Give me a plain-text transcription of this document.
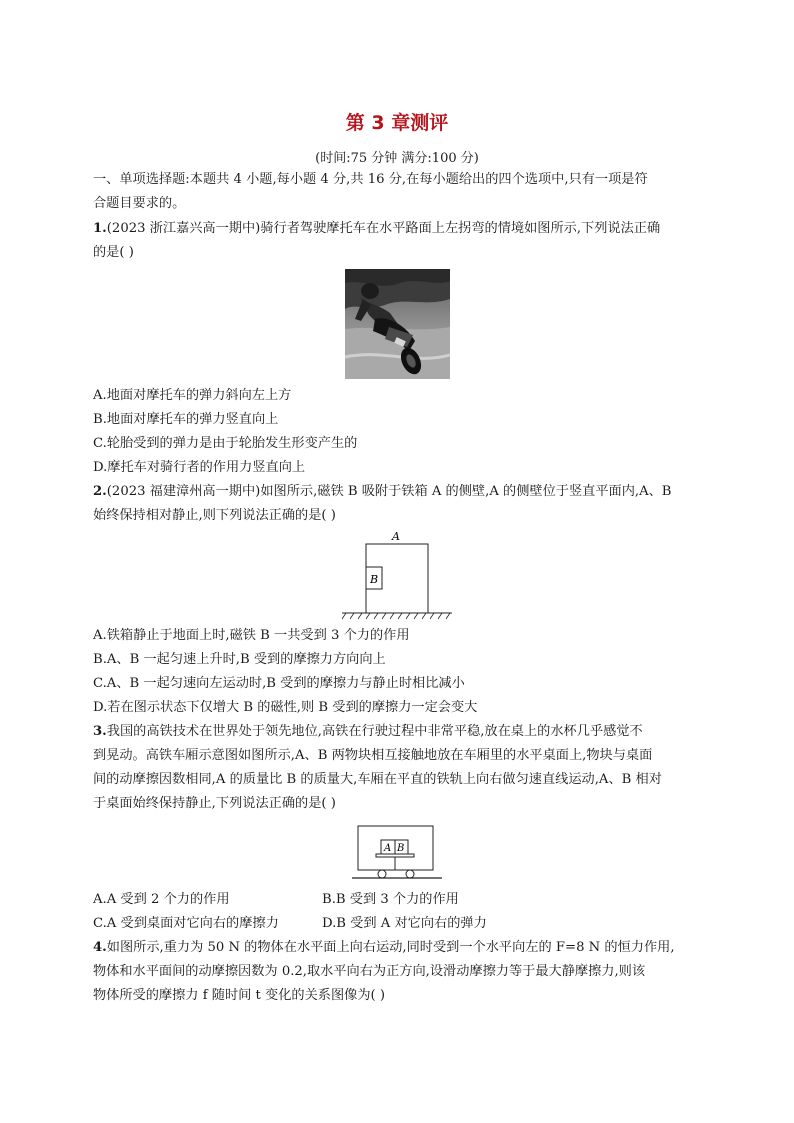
第 3 章测评
(时间:75 分钟 满分:100 分)
一、单项选择题:本题共 4 小题,每小题 4 分,共 16 分,在每小题给出的四个选项中,只有一项是符
合题目要求的。
1.(2023 浙江嘉兴高一期中)骑行者驾驶摩托车在水平路面上左拐弯的情境如图所示,下列说法正确
的是( )
A.地面对摩托车的弹力斜向左上方
B.地面对摩托车的弹力竖直向上
C.轮胎受到的弹力是由于轮胎发生形变产生的
D.摩托车对骑行者的作用力竖直向上
2.(2023 福建漳州高一期中)如图所示,磁铁 B 吸附于铁箱 A 的侧壁,A 的侧壁位于竖直平面内,A、B
始终保持相对静止,则下列说法正确的是( )
A
B
A.铁箱静止于地面上时,磁铁 B 一共受到 3 个力的作用
B.A、B 一起匀速上升时,B 受到的摩擦力方向向上
C.A、B 一起匀速向左运动时,B 受到的摩擦力与静止时相比减小
D.若在图示状态下仅增大 B 的磁性,则 B 受到的摩擦力一定会变大
3.我国的高铁技术在世界处于领先地位,高铁在行驶过程中非常平稳,放在桌上的水杯几乎感觉不
到晃动。高铁车厢示意图如图所示,A、B 两物块相互接触地放在车厢里的水平桌面上,物块与桌面
间的动摩擦因数相同,A 的质量比 B 的质量大,车厢在平直的铁轨上向右做匀速直线运动,A、B 相对
于桌面始终保持静止,下列说法正确的是( )
A B
A.A 受到 2 个力的作用	B.B 受到 3 个力的作用
C.A 受到桌面对它向右的摩擦力	D.B 受到 A 对它向右的弹力
4.如图所示,重力为 50 N 的物体在水平面上向右运动,同时受到一个水平向左的 F=8 N 的恒力作用,
物体和水平面间的动摩擦因数为 0.2,取水平向右为正方向,设滑动摩擦力等于最大静摩擦力,则该
物体所受的摩擦力 f 随时间 t 变化的关系图像为( )
